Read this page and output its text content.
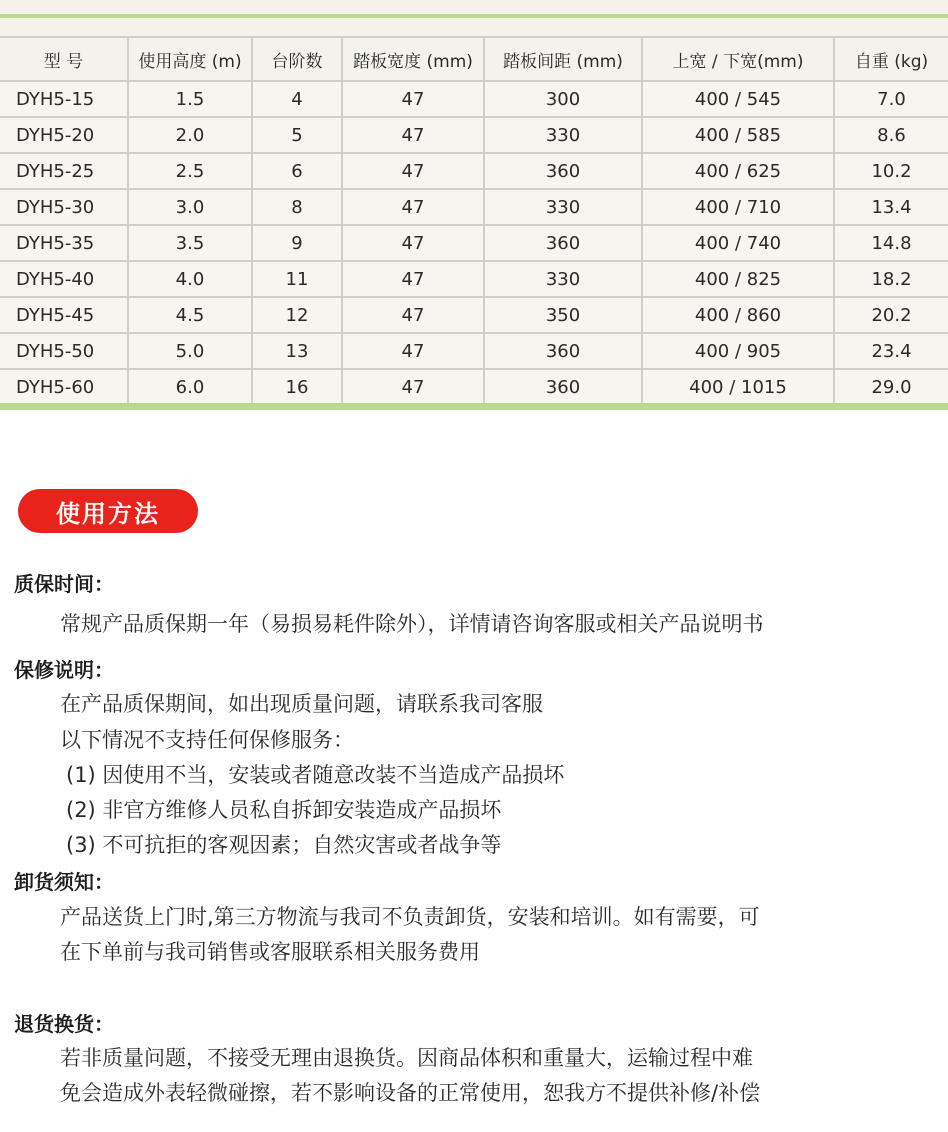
型 号	使用高度 (m)	台阶数	踏板宽度 (mm)	踏板间距 (mm)	上宽 / 下宽(mm)	自重 (kg)
DYH5-15	1.5	4	47	300	400 / 545	7.0
DYH5-20	2.0	5	47	330	400 / 585	8.6
DYH5-25	2.5	6	47	360	400 / 625	10.2
DYH5-30	3.0	8	47	330	400 / 710	13.4
DYH5-35	3.5	9	47	360	400 / 740	14.8
DYH5-40	4.0	11	47	330	400 / 825	18.2
DYH5-45	4.5	12	47	350	400 / 860	20.2
DYH5-50	5.0	13	47	360	400 / 905	23.4
DYH5-60	6.0	16	47	360	400 / 1015	29.0
使用方法
质保时间：
常规产品质保期一年（易损易耗件除外），详情请咨询客服或相关产品说明书
保修说明：
在产品质保期间，如出现质量问题，请联系我司客服
以下情况不支持任何保修服务：
(1) 因使用不当，安装或者随意改装不当造成产品损坏
(2) 非官方维修人员私自拆卸安装造成产品损坏
(3) 不可抗拒的客观因素；自然灾害或者战争等
卸货须知：
产品送货上门时,第三方物流与我司不负责卸货，安装和培训。如有需要，可
在下单前与我司销售或客服联系相关服务费用
退货换货：
若非质量问题，不接受无理由退换货。因商品体积和重量大，运输过程中难
免会造成外表轻微碰擦，若不影响设备的正常使用，恕我方不提供补修/补偿
